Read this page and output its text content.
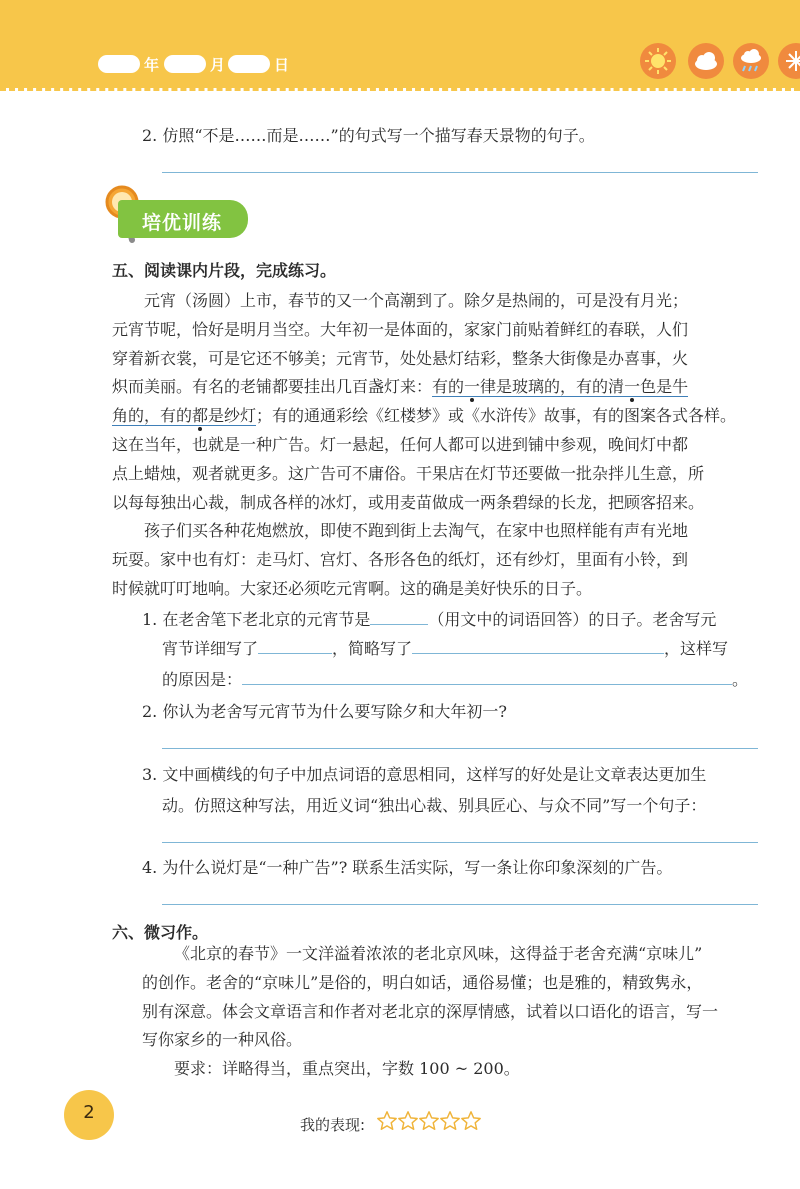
年	月	日
2. 仿照“不是……而是……”的句式写一个描写春天景物的句子。
培优训练
五、阅读课内片段，完成练习。
元宵（汤圆）上市，春节的又一个高潮到了。除夕是热闹的，可是没有月光；
元宵节呢，恰好是明月当空。大年初一是体面的，家家门前贴着鲜红的春联，人们
穿着新衣裳，可是它还不够美；元宵节，处处悬灯结彩，整条大街像是办喜事，火
炽而美丽。有名的老铺都要挂出几百盏灯来：有的一律是玻璃的，有的清一色是牛
角的，有的都是纱灯；有的通通彩绘《红楼梦》或《水浒传》故事，有的图案各式各样。
这在当年，也就是一种广告。灯一悬起，任何人都可以进到铺中参观，晚间灯中都
点上蜡烛，观者就更多。这广告可不庸俗。干果店在灯节还要做一批杂拌儿生意，所
以每每独出心裁，制成各样的冰灯，或用麦苗做成一两条碧绿的长龙，把顾客招来。
孩子们买各种花炮燃放，即使不跑到街上去淘气，在家中也照样能有声有光地
玩耍。家中也有灯：走马灯、宫灯、各形各色的纸灯，还有纱灯，里面有小铃，到
时候就叮叮地响。大家还必须吃元宵啊。这的确是美好快乐的日子。
1. 在老舍笔下老北京的元宵节是	（用文中的词语回答）的日子。老舍写元
宵节详细写了	，简略写了	，这样写
的原因是：	。
2. 你认为老舍写元宵节为什么要写除夕和大年初一?
3. 文中画横线的句子中加点词语的意思相同，这样写的好处是让文章表达更加生
动。仿照这种写法，用近义词“独出心裁、别具匠心、与众不同”写一个句子：
4. 为什么说灯是“一种广告”? 联系生活实际，写一条让你印象深刻的广告。
六、微习作。
《北京的春节》一文洋溢着浓浓的老北京风味，这得益于老舍充满“京味儿”
的创作。老舍的“京味儿”是俗的，明白如话，通俗易懂；也是雅的，精致隽永，
别有深意。体会文章语言和作者对老北京的深厚情感，试着以口语化的语言，写一
写你家乡的一种风俗。
要求：详略得当，重点突出，字数 100 ~ 200。
2
我的表现:
